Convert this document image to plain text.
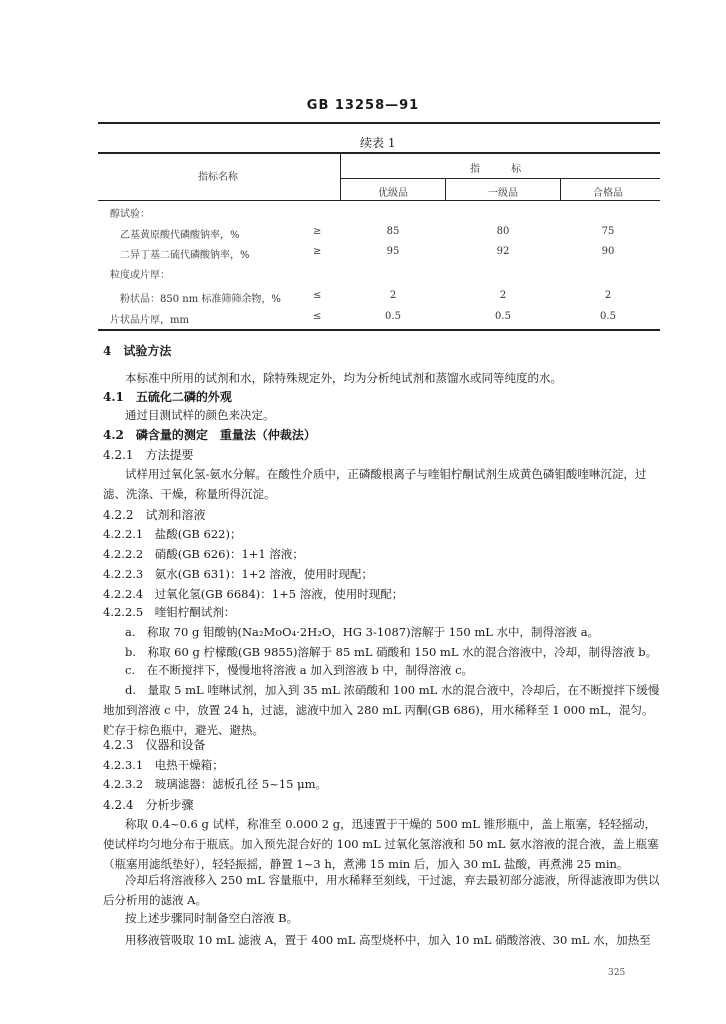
GB 13258—91
续表 1
指标名称
指 标
优级品	一级品	合格品
醇试验：
乙基黄原酸代磷酸钠率，%	≥	85	80	75
二异丁基二硫代磷酸钠率，%	≥	95	92	90
粒度或片厚：
粉状品：850 nm 标准筛筛余物，%	≤	2	2	2
片状品片厚，mm	≤	0.5	0.5	0.5
4　试验方法
本标准中所用的试剂和水，除特殊规定外，均为分析纯试剂和蒸馏水或同等纯度的水。
4.1　五硫化二磷的外观
通过目测试样的颜色来决定。
4.2　磷含量的测定　重量法（仲裁法）
4.2.1　方法提要
试样用过氧化氢-氨水分解。在酸性介质中，正磷酸根离子与喹钼柠酮试剂生成黄色磷钼酸喹啉沉淀，过滤、洗涤、干燥，称量所得沉淀。
4.2.2　试剂和溶液
4.2.2.1　盐酸(GB 622)；
4.2.2.2　硝酸(GB 626)：1+1 溶液；
4.2.2.3　氨水(GB 631)：1+2 溶液，使用时现配；
4.2.2.4　过氧化氢(GB 6684)：1+5 溶液，使用时现配；
4.2.2.5　喹钼柠酮试剂：
a.　称取 70 g 钼酸钠(Na₂MoO₄·2H₂O，HG 3-1087)溶解于 150 mL 水中，制得溶液 a。
b.　称取 60 g 柠檬酸(GB 9855)溶解于 85 mL 硝酸和 150 mL 水的混合溶液中，冷却，制得溶液 b。
c.　在不断搅拌下，慢慢地将溶液 a 加入到溶液 b 中，制得溶液 c。
d.　量取 5 mL 喹啉试剂，加入到 35 mL 浓硝酸和 100 mL 水的混合液中，冷却后，在不断搅拌下缓慢地加到溶液 c 中，放置 24 h，过滤，滤液中加入 280 mL 丙酮(GB 686)，用水稀释至 1 000 mL，混匀。贮存于棕色瓶中，避光、避热。
4.2.3　仪器和设备
4.2.3.1　电热干燥箱；
4.2.3.2　玻璃滤器：滤板孔径 5~15 μm。
4.2.4　分析步骤
称取 0.4~0.6 g 试样，称准至 0.000 2 g，迅速置于干燥的 500 mL 锥形瓶中，盖上瓶塞，轻轻摇动，使试样均匀地分布于瓶底。加入预先混合好的 100 mL 过氧化氢溶液和 50 mL 氨水溶液的混合液，盖上瓶塞（瓶塞用滤纸垫好），轻轻振摇，静置 1~3 h，煮沸 15 min 后，加入 30 mL 盐酸，再煮沸 25 min。
冷却后将溶液移入 250 mL 容量瓶中，用水稀释至刻线，干过滤，弃去最初部分滤液，所得滤液即为供以后分析用的滤液 A。
按上述步骤同时制备空白溶液 B。
用移液管吸取 10 mL 滤液 A，置于 400 mL 高型烧杯中，加入 10 mL 硝酸溶液、30 mL 水，加热至
325
